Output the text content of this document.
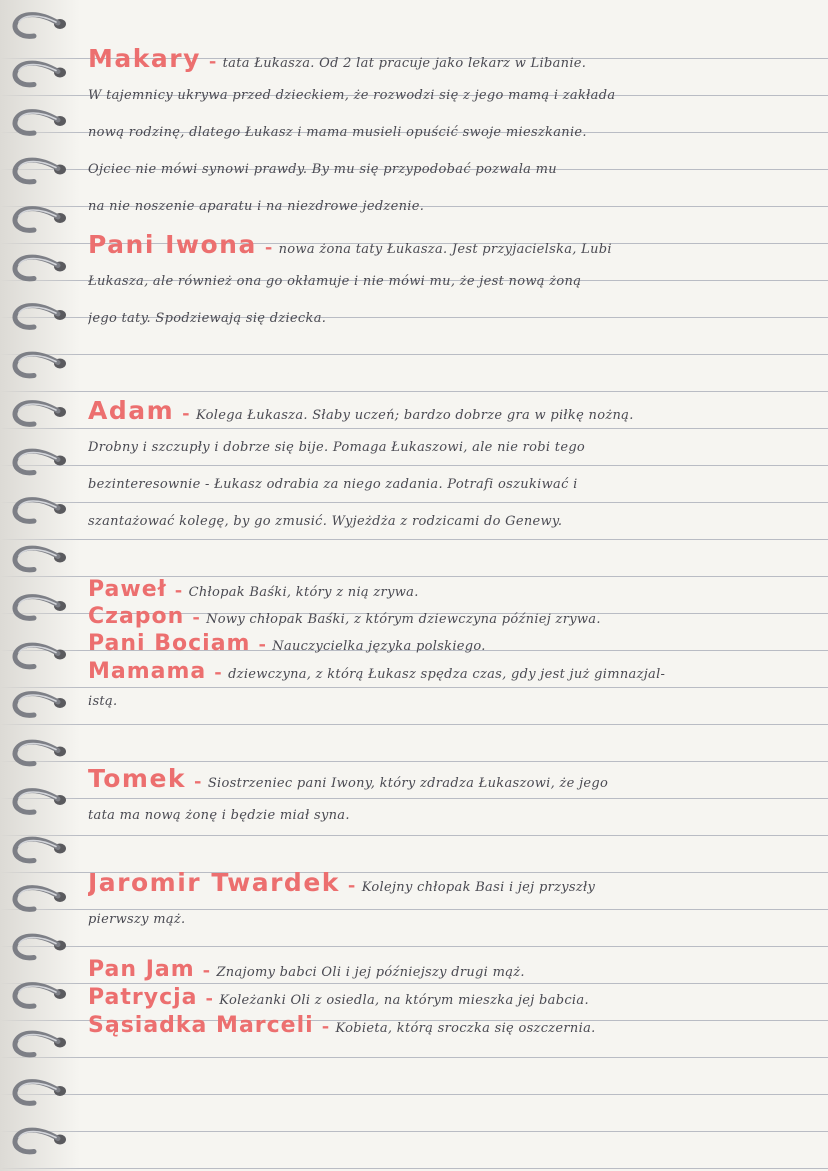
Makary - tata Łukasza. Od 2 lat pracuje jako lekarz w Libanie.
W tajemnicy ukrywa przed dzieckiem, że rozwodzi się z jego mamą i zakłada
nową rodzinę, dlatego Łukasz i mama musieli opuścić swoje mieszkanie.
Ojciec nie mówi synowi prawdy. By mu się przypodobać pozwala mu
na nie noszenie aparatu i na niezdrowe jedzenie.
Pani Iwona - nowa żona taty Łukasza. Jest przyjacielska, Lubi
Łukasza, ale również ona go okłamuje i nie mówi mu, że jest nową żoną
jego taty. Spodziewają się dziecka.
Adam - Kolega Łukasza. Słaby uczeń; bardzo dobrze gra w piłkę nożną.
Drobny i szczupły i dobrze się bije. Pomaga Łukaszowi, ale nie robi tego
bezinteresownie - Łukasz odrabia za niego zadania. Potrafi oszukiwać i
szantażować kolegę, by go zmusić. Wyjeżdża z rodzicami do Genewy.
Paweł - Chłopak Baśki, który z nią zrywa.
Czapon - Nowy chłopak Baśki, z którym dziewczyna później zrywa.
Pani Bociam - Nauczycielka języka polskiego.
Mamama - dziewczyna, z którą Łukasz spędza czas, gdy jest już gimnazjal-
istą.
Tomek - Siostrzeniec pani Iwony, który zdradza Łukaszowi, że jego
tata ma nową żonę i będzie miał syna.
Jaromir Twardek - Kolejny chłopak Basi i jej przyszły
pierwszy mąż.
Pan Jam - Znajomy babci Oli i jej późniejszy drugi mąż.
Patrycja - Koleżanki Oli z osiedla, na którym mieszka jej babcia.
Sąsiadka Marceli - Kobieta, którą sroczka się oszczernia.
